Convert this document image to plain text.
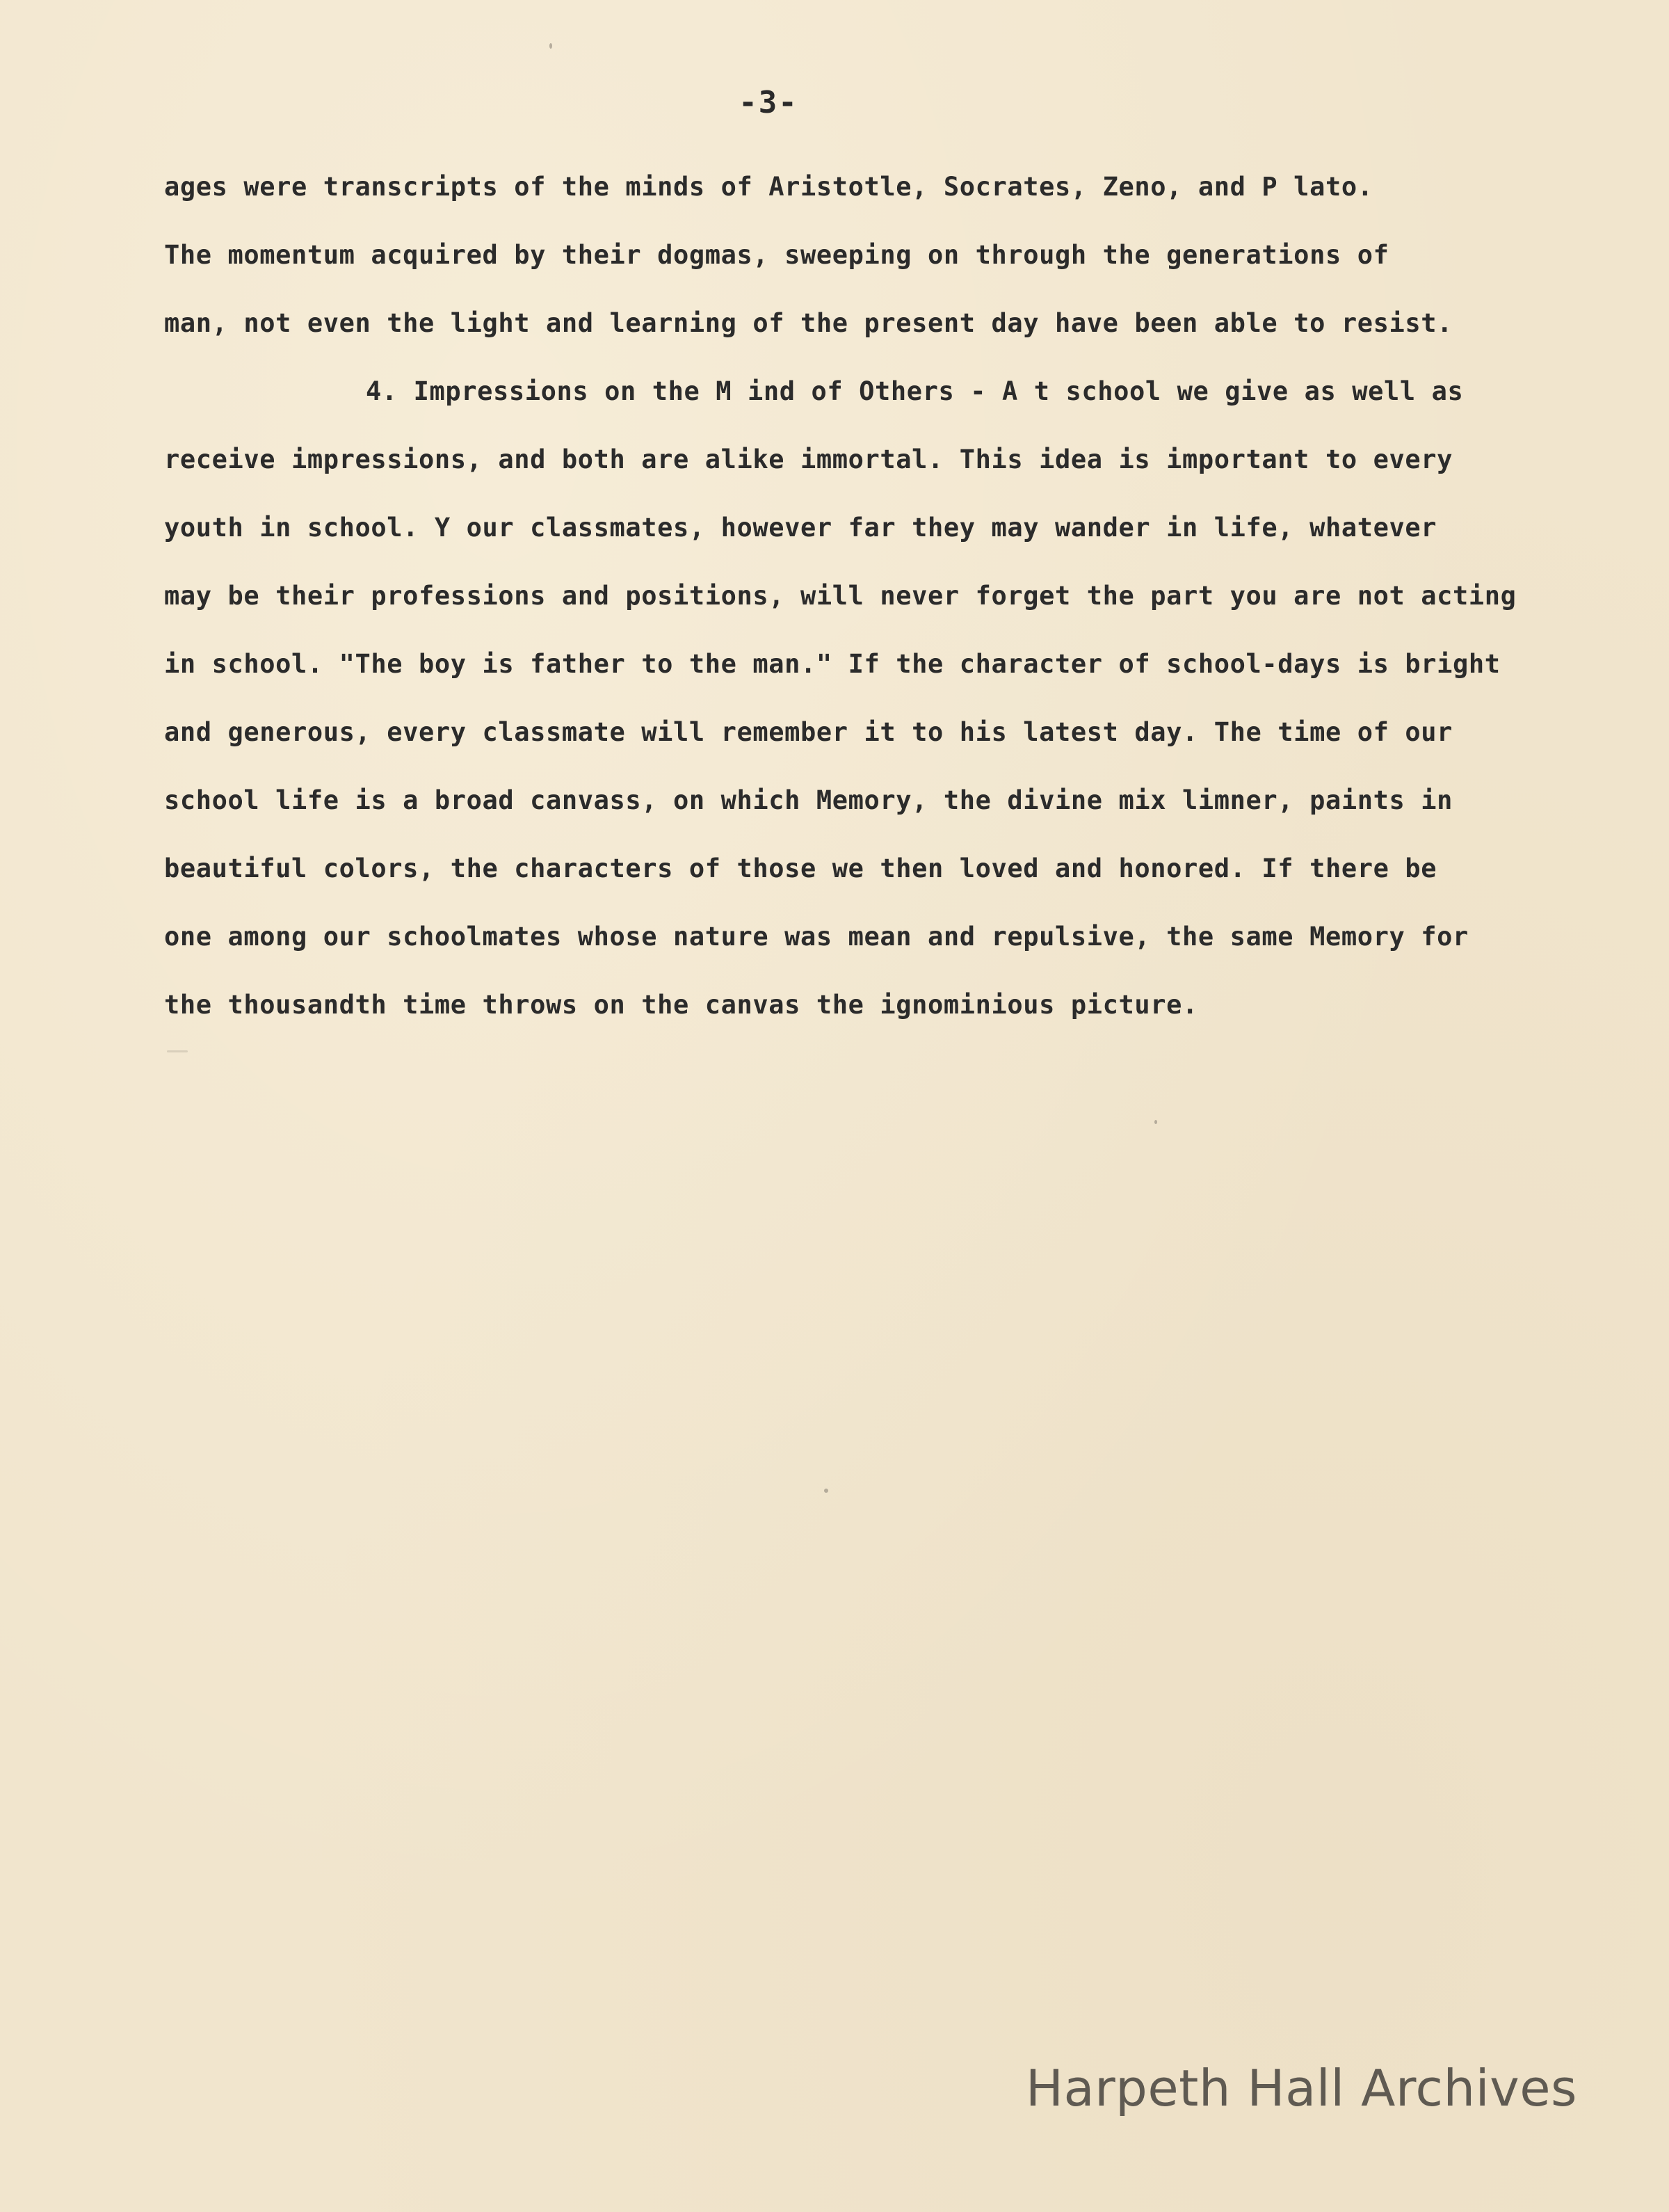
-3-
ages were transcripts of the minds of Aristotle, Socrates, Zeno, and P lato.
The momentum acquired by their dogmas, sweeping on through the generations of
man, not even the light and learning of the present day have been able to resist.
4. Impressions on the M ind of Others - A t school we give as well as
receive impressions, and both are alike immortal. This idea is important to every
youth in school. Y our classmates, however far they may wander in life, whatever
may be their professions and positions, will never forget the part you are not acting
in school. "The boy is father to the man." If the character of school-days is bright
and generous, every classmate will remember it to his latest day. The time of our
school life is a broad canvass, on which Memory, the divine mix limner, paints in
beautiful colors, the characters of those we then loved and honored. If there be
one among our schoolmates whose nature was mean and repulsive, the same Memory for
the thousandth time throws on the canvas the ignominious picture.
Harpeth Hall Archives
